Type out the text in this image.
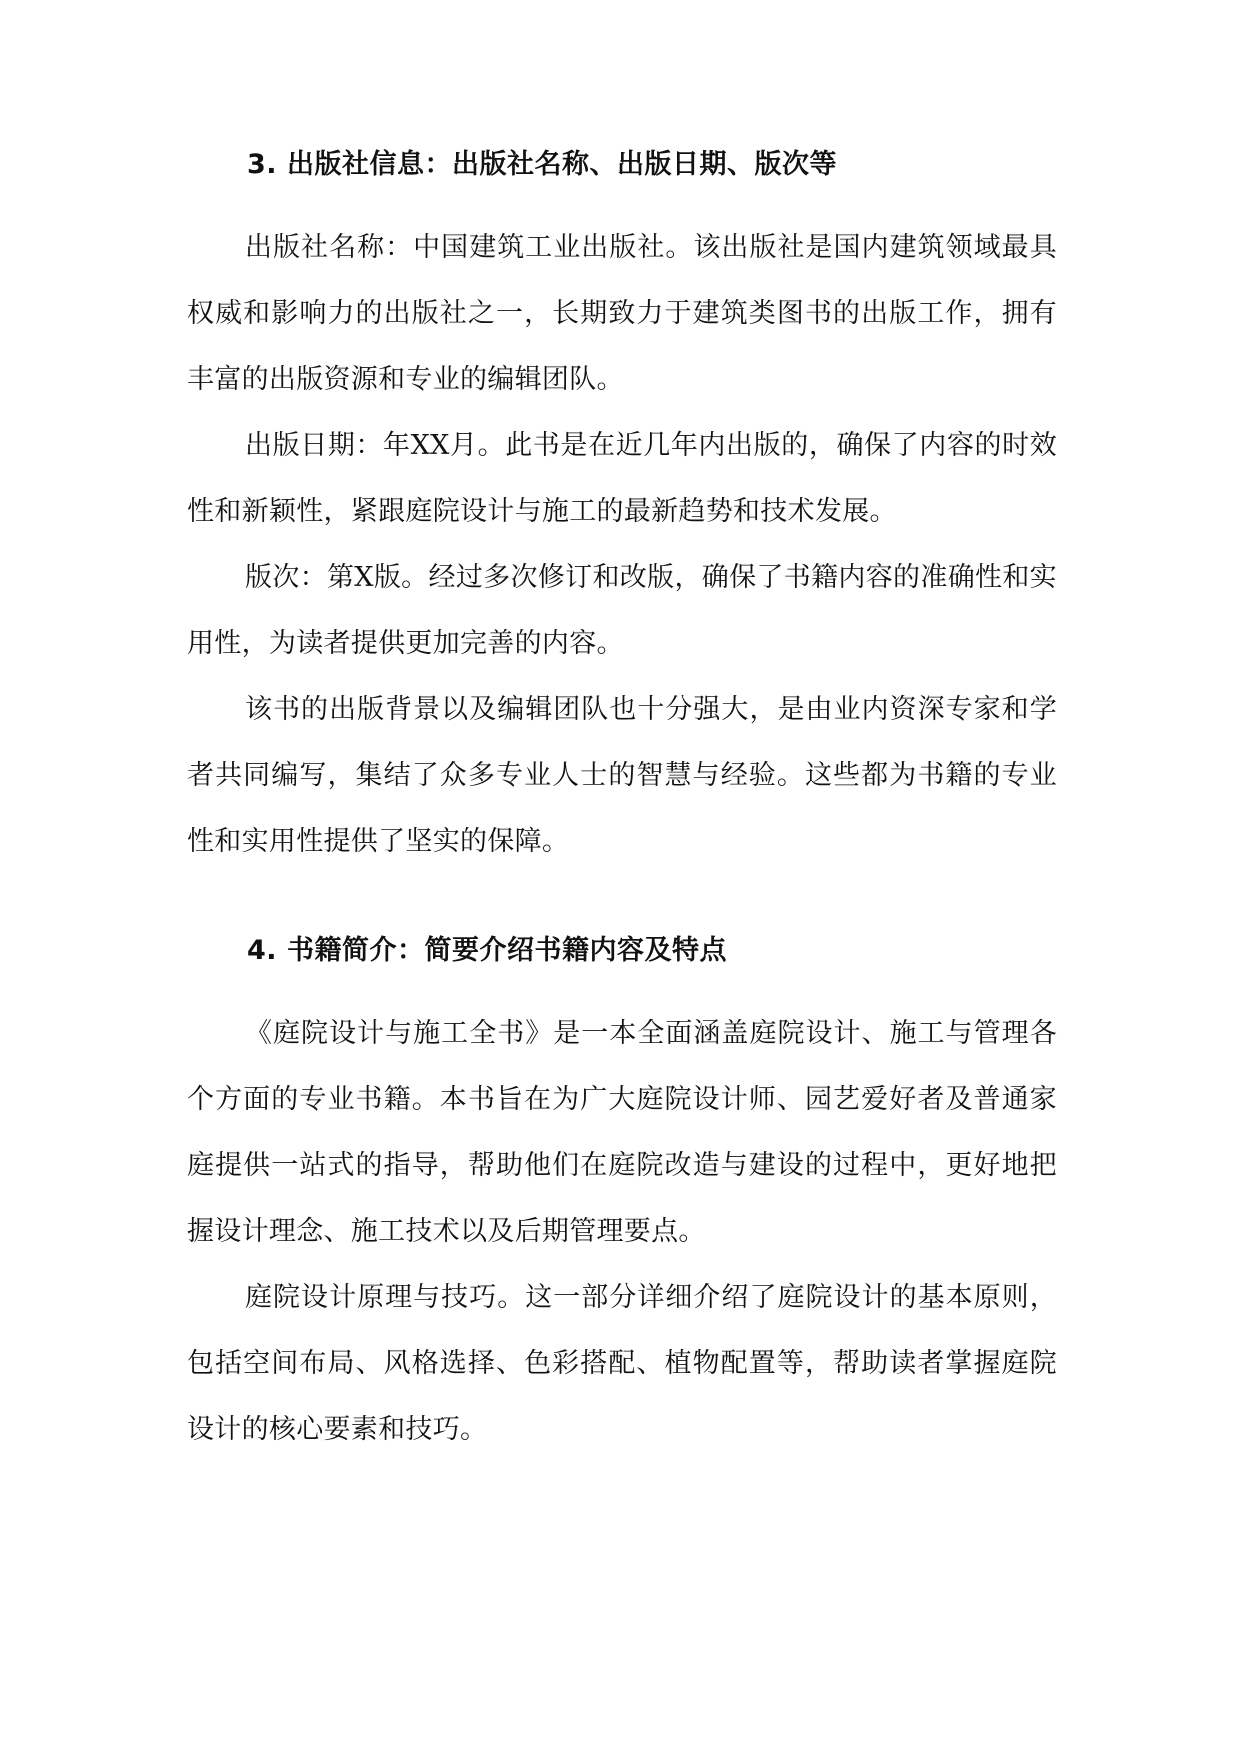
3. 出版社信息：出版社名称、出版日期、版次等

出版社名称：中国建筑工业出版社。该出版社是国内建筑领域最具权威和影响力的出版社之一，长期致力于建筑类图书的出版工作，拥有丰富的出版资源和专业的编辑团队。

出版日期：年XX月。此书是在近几年内出版的，确保了内容的时效性和新颖性，紧跟庭院设计与施工的最新趋势和技术发展。

版次：第X版。经过多次修订和改版，确保了书籍内容的准确性和实用性，为读者提供更加完善的内容。

该书的出版背景以及编辑团队也十分强大，是由业内资深专家和学者共同编写，集结了众多专业人士的智慧与经验。这些都为书籍的专业性和实用性提供了坚实的保障。

4. 书籍简介：简要介绍书籍内容及特点

《庭院设计与施工全书》是一本全面涵盖庭院设计、施工与管理各个方面的专业书籍。本书旨在为广大庭院设计师、园艺爱好者及普通家庭提供一站式的指导，帮助他们在庭院改造与建设的过程中，更好地把握设计理念、施工技术以及后期管理要点。

庭院设计原理与技巧。这一部分详细介绍了庭院设计的基本原则，包括空间布局、风格选择、色彩搭配、植物配置等，帮助读者掌握庭院设计的核心要素和技巧。
